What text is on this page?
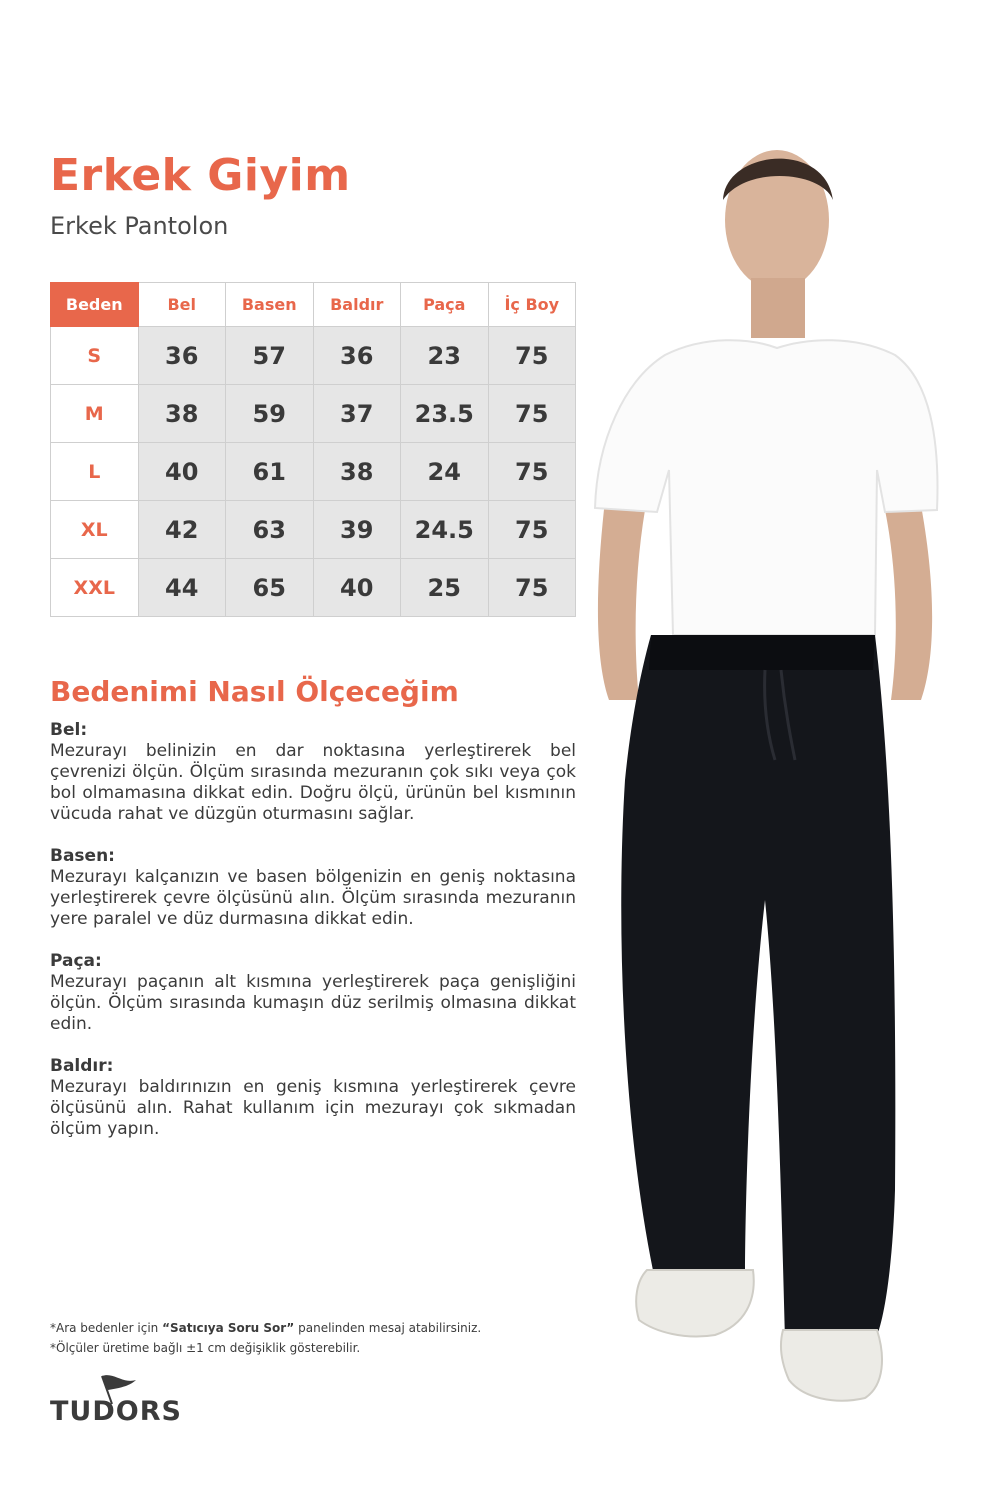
Erkek Giyim
Erkek Pantolon
Beden	Bel	Basen	Baldır	Paça	İç Boy
S	36	57	36	23	75
M	38	59	37	23.5	75
L	40	61	38	24	75
XL	42	63	39	24.5	75
XXL	44	65	40	25	75
Bedenimi Nasıl Ölçeceğim
Bel:

Mezurayı belinizin en dar noktasına yerleştirerek bel çevrenizi ölçün. Ölçüm sırasında mezuranın çok sıkı veya çok bol olmamasına dikkat edin. Doğru ölçü, ürünün bel kısmının vücuda rahat ve düzgün oturmasını sağlar.

Basen:

Mezurayı kalçanızın ve basen bölgenizin en geniş noktasına yerleştirerek çevre ölçüsünü alın. Ölçüm sırasında mezuranın yere paralel ve düz durmasına dikkat edin.

Paça:

Mezurayı paçanın alt kısmına yerleştirerek paça genişliğini ölçün. Ölçüm sırasında kumaşın düz serilmiş olmasına dikkat edin.

Baldır:

Mezurayı baldırınızın en geniş kısmına yerleştirerek çevre ölçüsünü alın. Rahat kullanım için mezurayı çok sıkmadan ölçüm yapın.

*Ara bedenler için “Satıcıya Soru Sor” panelinden mesaj atabilirsiniz.

*Ölçüler üretime bağlı ±1 cm değişiklik gösterebilir.

TUDORS
